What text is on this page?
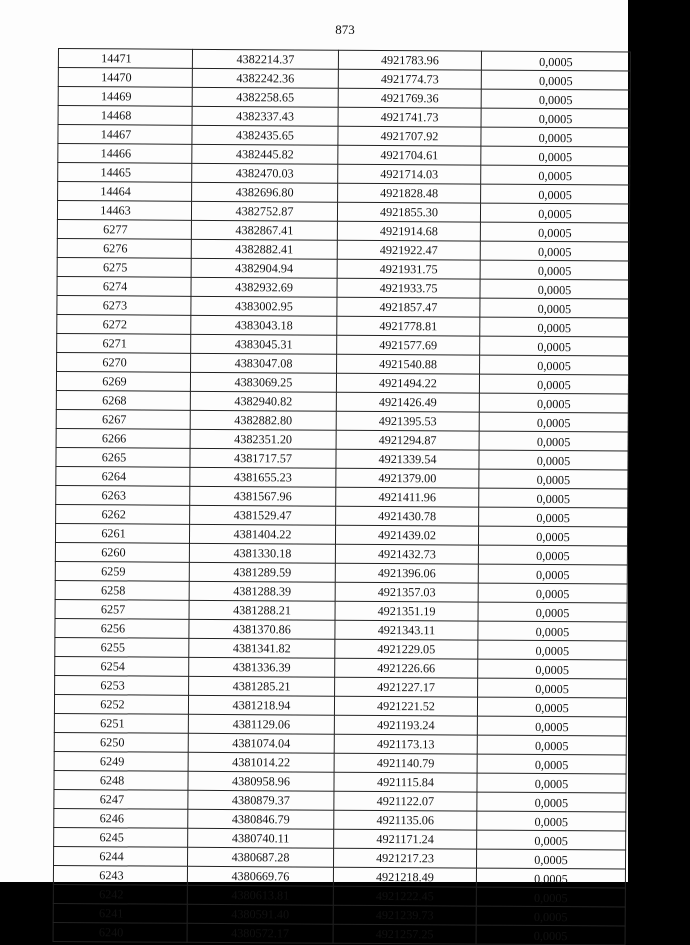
873
14471	4382214.37	4921783.96	0,0005
14470	4382242.36	4921774.73	0,0005
14469	4382258.65	4921769.36	0,0005
14468	4382337.43	4921741.73	0,0005
14467	4382435.65	4921707.92	0,0005
14466	4382445.82	4921704.61	0,0005
14465	4382470.03	4921714.03	0,0005
14464	4382696.80	4921828.48	0,0005
14463	4382752.87	4921855.30	0,0005
6277	4382867.41	4921914.68	0,0005
6276	4382882.41	4921922.47	0,0005
6275	4382904.94	4921931.75	0,0005
6274	4382932.69	4921933.75	0,0005
6273	4383002.95	4921857.47	0,0005
6272	4383043.18	4921778.81	0,0005
6271	4383045.31	4921577.69	0,0005
6270	4383047.08	4921540.88	0,0005
6269	4383069.25	4921494.22	0,0005
6268	4382940.82	4921426.49	0,0005
6267	4382882.80	4921395.53	0,0005
6266	4382351.20	4921294.87	0,0005
6265	4381717.57	4921339.54	0,0005
6264	4381655.23	4921379.00	0,0005
6263	4381567.96	4921411.96	0,0005
6262	4381529.47	4921430.78	0,0005
6261	4381404.22	4921439.02	0,0005
6260	4381330.18	4921432.73	0,0005
6259	4381289.59	4921396.06	0,0005
6258	4381288.39	4921357.03	0,0005
6257	4381288.21	4921351.19	0,0005
6256	4381370.86	4921343.11	0,0005
6255	4381341.82	4921229.05	0,0005
6254	4381336.39	4921226.66	0,0005
6253	4381285.21	4921227.17	0,0005
6252	4381218.94	4921221.52	0,0005
6251	4381129.06	4921193.24	0,0005
6250	4381074.04	4921173.13	0,0005
6249	4381014.22	4921140.79	0,0005
6248	4380958.96	4921115.84	0,0005
6247	4380879.37	4921122.07	0,0005
6246	4380846.79	4921135.06	0,0005
6245	4380740.11	4921171.24	0,0005
6244	4380687.28	4921217.23	0,0005
6243	4380669.76	4921218.49	0,0005
6242	4380613.81	4921222.45	0,0005
6241	4380591.40	4921239.73	0,0005
6240	4380572.17	4921257.25	0,0005
